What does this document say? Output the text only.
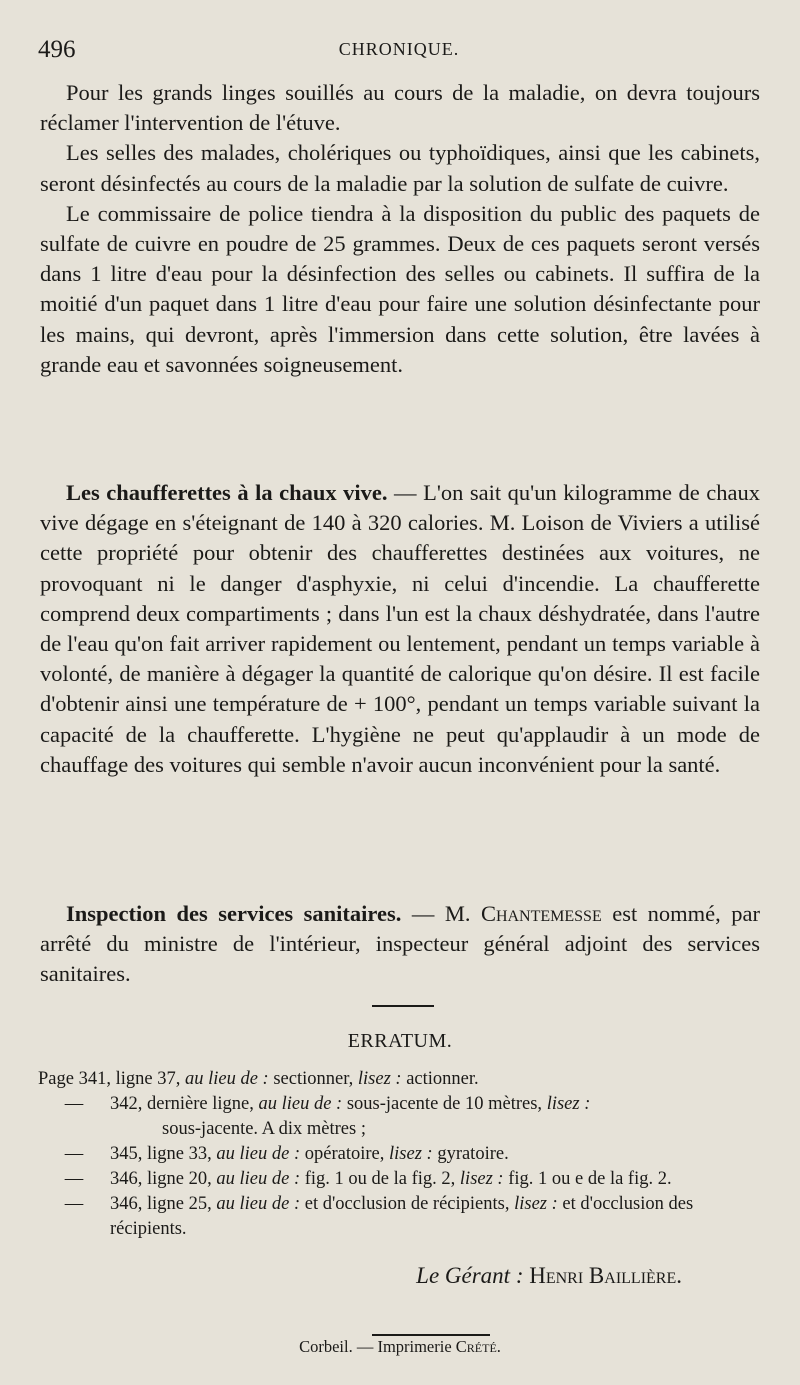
496	CHRONIQUE.

Pour les grands linges souillés au cours de la maladie, on devra toujours réclamer l'intervention de l'étuve.

Les selles des malades, cholériques ou typhoïdiques, ainsi que les cabinets, seront désinfectés au cours de la maladie par la solution de sulfate de cuivre.

Le commissaire de police tiendra à la disposition du public des paquets de sulfate de cuivre en poudre de 25 grammes. Deux de ces paquets seront versés dans 1 litre d'eau pour la désinfection des selles ou cabinets. Il suffira de la moitié d'un paquet dans 1 litre d'eau pour faire une solution désinfectante pour les mains, qui devront, après l'immersion dans cette solution, être lavées à grande eau et savonnées soigneusement.

Les chaufferettes à la chaux vive. — L'on sait qu'un kilogramme de chaux vive dégage en s'éteignant de 140 à 320 calories. M. Loison de Viviers a utilisé cette propriété pour obtenir des chaufferettes destinées aux voitures, ne provoquant ni le danger d'asphyxie, ni celui d'incendie. La chaufferette comprend deux compartiments ; dans l'un est la chaux déshydratée, dans l'autre de l'eau qu'on fait arriver rapidement ou lentement, pendant un temps variable à volonté, de manière à dégager la quantité de calorique qu'on désire. Il est facile d'obtenir ainsi une température de + 100°, pendant un temps variable suivant la capacité de la chaufferette. L'hygiène ne peut qu'applaudir à un mode de chauffage des voitures qui semble n'avoir aucun inconvénient pour la santé.

Inspection des services sanitaires. — M. Chantemesse est nommé, par arrêté du ministre de l'intérieur, inspecteur général adjoint des services sanitaires.

ERRATUM.
Page
341, ligne 37,
au lieu de :
sectionner,
lisez :
actionner.
—	342, dernière ligne, au lieu de : sous-jacente de 10 mètres, lisez :
sous-jacente. A dix mètres ;
—	345, ligne 33, au lieu de : opératoire, lisez : gyratoire.
—	346, ligne 20, au lieu de : fig. 1 ou de la fig. 2, lisez : fig. 1 ou e de la fig. 2.
—	346, ligne 25, au lieu de : et d'occlusion de récipients, lisez : et d'occlusion des récipients.
Le Gérant : Henri Baillière.
Corbeil. — Imprimerie Crété.
